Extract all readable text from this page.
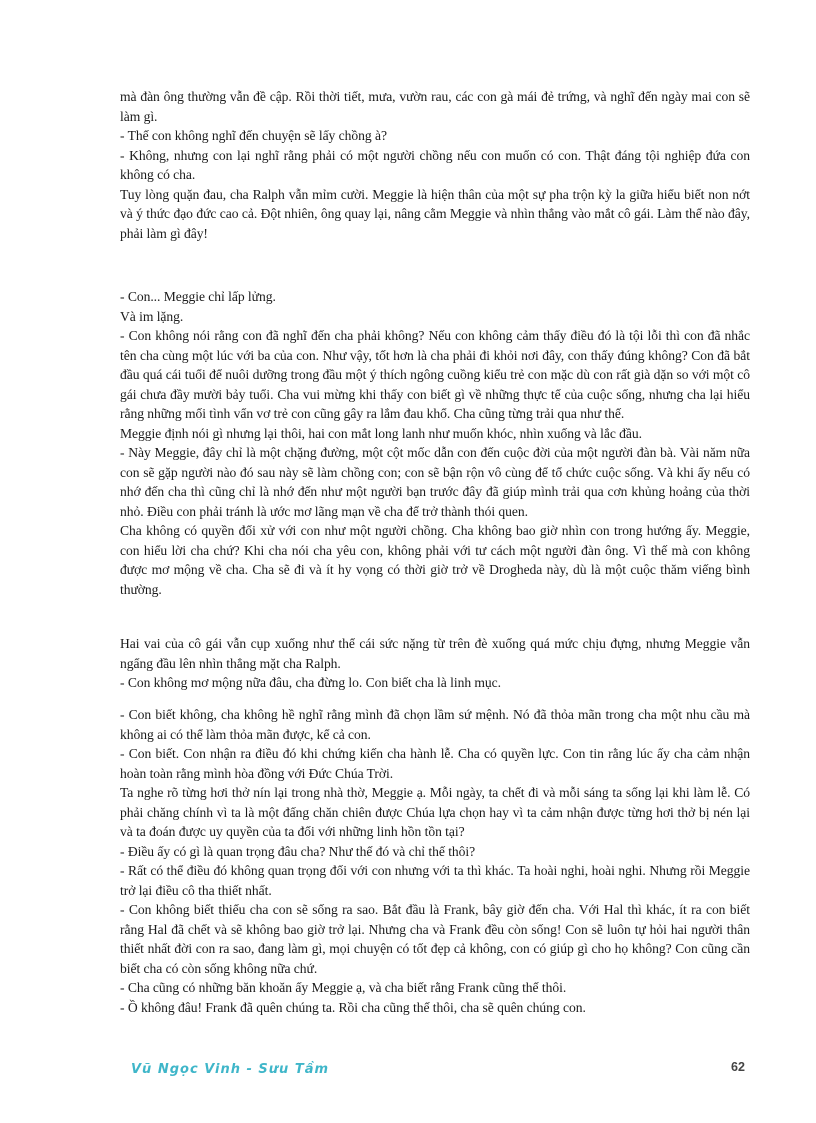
mà đàn ông thường vẫn đề cập. Rồi thời tiết, mưa, vườn rau, các con gà mái đẻ trứng, và nghĩ đến ngày mai con sẽ làm gì.

- Thế con không nghĩ đến chuyện sẽ lấy chồng à?

- Không, nhưng con lại nghĩ rằng phải có một người chồng nếu con muốn có con. Thật đáng tội nghiệp đứa con không có cha.

Tuy lòng quặn đau, cha Ralph vẫn mỉm cười. Meggie là hiện thân của một sự pha trộn kỳ la giữa hiểu biết non nớt và ý thức đạo đức cao cả. Đột nhiên, ông quay lại, nâng cằm Meggie và nhìn thẳng vào mắt cô gái. Làm thế nào đây, phải làm gì đây!

- Con... Meggie chỉ lấp lửng.

Và im lặng.

- Con không nói rằng con đã nghĩ đến cha phải không? Nếu con không cảm thấy điều đó là tội lỗi thì con đã nhắc tên cha cùng một lúc với ba của con. Như vậy, tốt hơn là cha phải đi khỏi nơi đây, con thấy đúng không? Con đã bắt đầu quá cái tuổi để nuôi dưỡng trong đầu một ý thích ngông cuồng kiểu trẻ con mặc dù con rất già dặn so với một cô gái chưa đầy mười bảy tuổi. Cha vui mừng khi thấy con biết gì về những thực tế của cuộc sống, nhưng cha lại hiểu rằng những mối tình vẩn vơ trẻ con cũng gây ra lắm đau khổ. Cha cũng từng trải qua như thế.

Meggie định nói gì nhưng lại thôi, hai con mắt long lanh như muốn khóc, nhìn xuống và lắc đầu.

- Này Meggie, đây chỉ là một chặng đường, một cột mốc dẫn con đến cuộc đời của một người đàn bà. Vài năm nữa con sẽ gặp người nào đó sau này sẽ làm chồng con; con sẽ bận rộn vô cùng để tổ chức cuộc sống. Và khi ấy nếu có nhớ đến cha thì cũng chỉ là nhớ đến như một người bạn trước đây đã giúp mình trải qua cơn khủng hoảng của thời nhỏ. Điều con phải tránh là ước mơ lãng mạn về cha để trở thành thói quen.

Cha không có quyền đối xử với con như một người chồng. Cha không bao giờ nhìn con trong hướng ấy. Meggie, con hiểu lời cha chứ? Khi cha nói cha yêu con, không phải với tư cách một người đàn ông. Vì thế mà con không được mơ mộng về cha. Cha sẽ đi và ít hy vọng có thời giờ trở về Drogheda này, dù là một cuộc thăm viếng bình thường.

Hai vai của cô gái vẫn cụp xuống như thể cái sức nặng từ trên đè xuống quá mức chịu đựng, nhưng Meggie vẫn ngẩng đầu lên nhìn thẳng mặt cha Ralph.

- Con không mơ mộng nữa đâu, cha đừng lo. Con biết cha là linh mục.

- Con biết không, cha không hề nghĩ rằng mình đã chọn lầm sứ mệnh. Nó đã thỏa mãn trong cha một nhu cầu mà không ai có thể làm thỏa mãn được, kể cả con.

- Con biết. Con nhận ra điều đó khi chứng kiến cha hành lễ. Cha có quyền lực. Con tin rằng lúc ấy cha cảm nhận hoàn toàn rằng mình hòa đồng với Đức Chúa Trời.

Ta nghe rõ từng hơi thở nín lại trong nhà thờ, Meggie ạ. Mỗi ngày, ta chết đi và mỗi sáng ta sống lại khi làm lễ. Có phải chăng chính vì ta là một đấng chăn chiên được Chúa lựa chọn hay vì ta cảm nhận được từng hơi thở bị nén lại và ta đoán được uy quyền của ta đối với những linh hồn tồn tại?

- Điều ấy có gì là quan trọng đâu cha? Như thế đó và chỉ thế thôi?

- Rất có thể điều đó không quan trọng đối với con nhưng với ta thì khác. Ta hoài nghi, hoài nghi. Nhưng rồi Meggie trở lại điều cô tha thiết nhất.

- Con không biết thiếu cha con sẽ sống ra sao. Bắt đầu là Frank, bây giờ đến cha. Với Hal thì khác, ít ra con biết rằng Hal đã chết và sẽ không bao giờ trở lại. Nhưng cha và Frank đều còn sống! Con sẽ luôn tự hỏi hai người thân thiết nhất đời con ra sao, đang làm gì, mọi chuyện có tốt đẹp cả không, con có giúp gì cho họ không? Con cũng cần biết cha có còn sống không nữa chứ.

- Cha cũng có những băn khoăn ấy Meggie ạ, và cha biết rằng Frank cũng thế thôi.

- Ồ không đâu! Frank đã quên chúng ta. Rồi cha cũng thế thôi, cha sẽ quên chúng con.

Vũ Ngọc Vinh - Sưu Tầm	62
